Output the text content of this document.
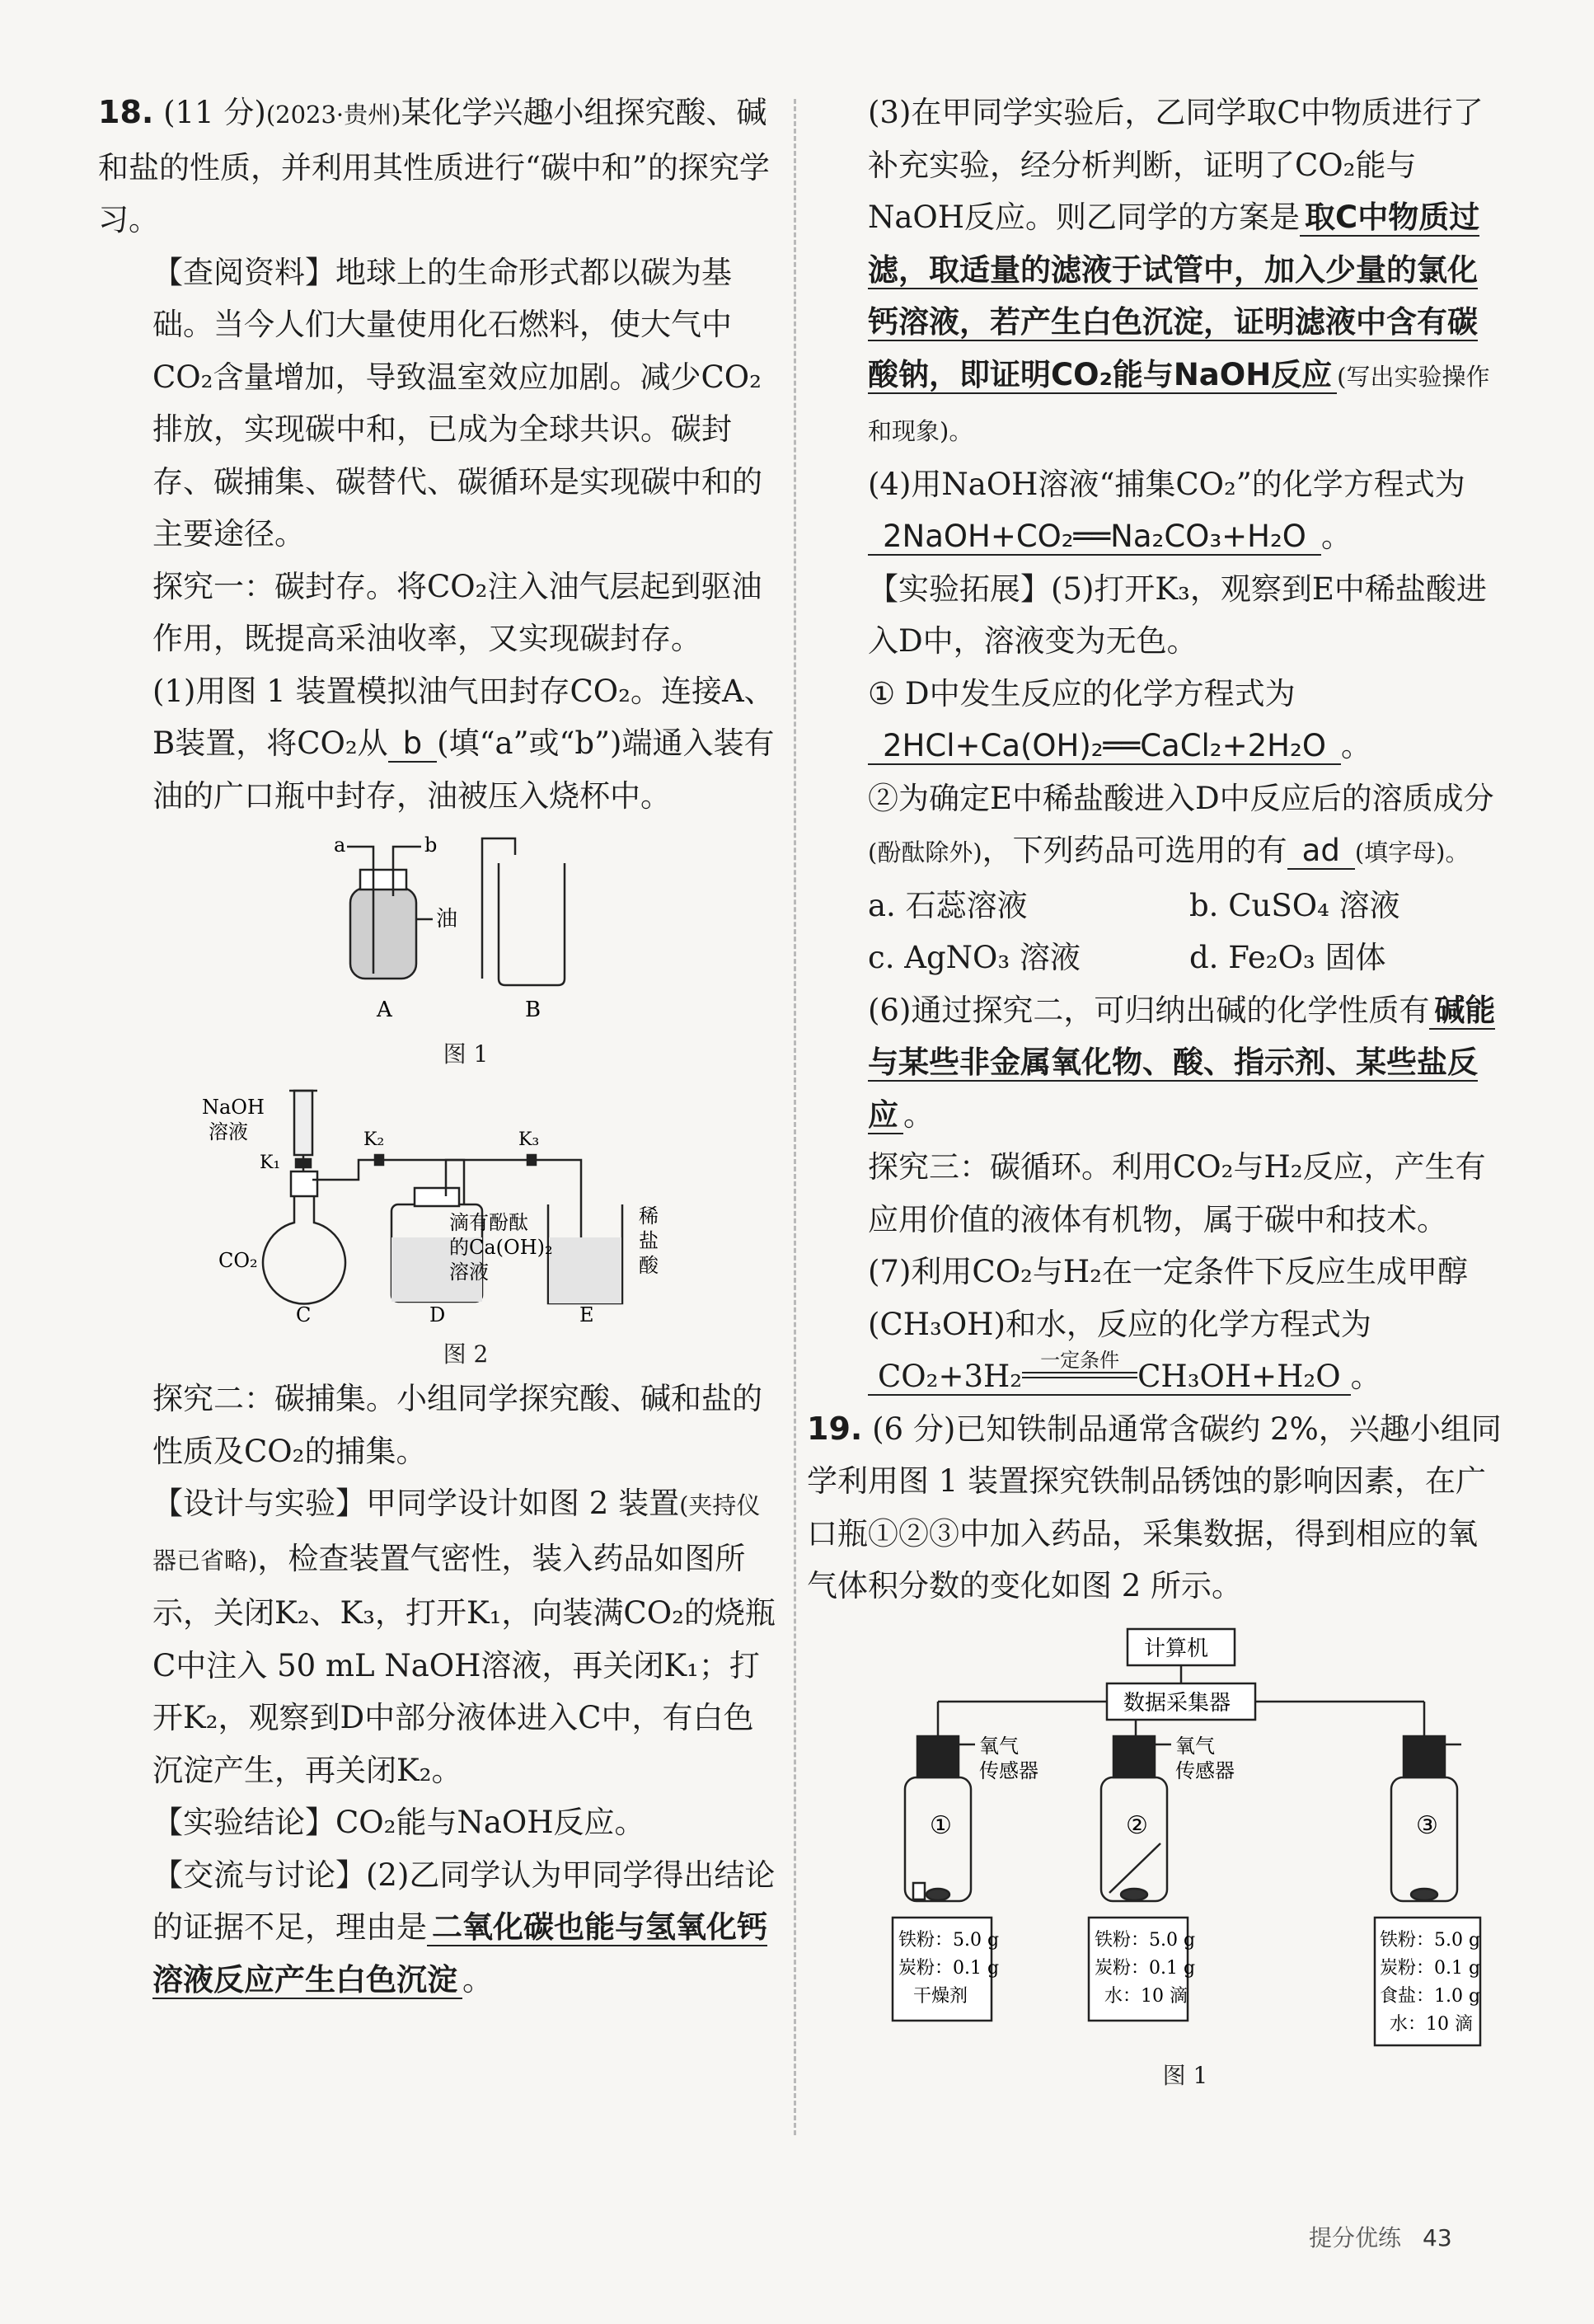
18. (11 分)(2023·贵州)某化学兴趣小组探究酸、碱和盐的性质，并利用其性质进行“碳中和”的探究学习。
【查阅资料】地球上的生命形式都以碳为基础。当今人们大量使用化石燃料，使大气中CO₂含量增加，导致温室效应加剧。减少CO₂排放，实现碳中和，已成为全球共识。碳封存、碳捕集、碳替代、碳循环是实现碳中和的主要途径。
探究一：碳封存。将CO₂注入油气层起到驱油作用，既提高采油收率，又实现碳封存。
(1)用图 1 装置模拟油气田封存CO₂。连接A、B装置，将CO₂从 b (填“a”或“b”)端通入装有油的广口瓶中封存，油被压入烧杯中。
a	b
油
A	B
图 1
NaOH
溶液
K₁
K₂	K₃
CO₂
滴有酚酞
的Ca(OH)₂
溶液
稀
盐
酸
C	D	E
图 2
探究二：碳捕集。小组同学探究酸、碱和盐的性质及CO₂的捕集。
【设计与实验】甲同学设计如图 2 装置(夹持仪器已省略)，检查装置气密性，装入药品如图所示，关闭K₂、K₃，打开K₁，向装满CO₂的烧瓶C中注入 50 mL NaOH溶液，再关闭K₁；打开K₂，观察到D中部分液体进入C中，有白色沉淀产生，再关闭K₂。
【实验结论】CO₂能与NaOH反应。
【交流与讨论】(2)乙同学认为甲同学得出结论的证据不足，理由是 二氧化碳也能与氢氧化钙溶液反应产生白色沉淀 。
(3)在甲同学实验后，乙同学取C中物质进行了补充实验，经分析判断，证明了CO₂能与NaOH反应。则乙同学的方案是 取C中物质过滤，取适量的滤液于试管中，加入少量的氯化钙溶液，若产生白色沉淀，证明滤液中含有碳酸钠，即证明CO₂能与NaOH反应 (写出实验操作和现象)。
(4)用NaOH溶液“捕集CO₂”的化学方程式为2NaOH+CO₂══Na₂CO₃+H₂O 。
【实验拓展】(5)打开K₃，观察到E中稀盐酸进入D中，溶液变为无色。
① D中发生反应的化学方程式为2HCl+Ca(OH)₂══CaCl₂+2H₂O 。
②为确定E中稀盐酸进入D中反应后的溶质成分(酚酞除外)，下列药品可选用的有 ad (填字母)。
a. 石蕊溶液	b. CuSO₄ 溶液
c. AgNO₃ 溶液	d. Fe₂O₃ 固体
(6)通过探究二，可归纳出碱的化学性质有 碱能与某些非金属氧化物、酸、指示剂、某些盐反应 。
探究三：碳循环。利用CO₂与H₂反应，产生有应用价值的液体有机物，属于碳中和技术。
(7)利用CO₂与H₂在一定条件下反应生成甲醇(CH₃OH)和水，反应的化学方程式为
CO₂+3H₂ 一定条件 CH₃OH+H₂O 。
19. (6 分)已知铁制品通常含碳约 2%，兴趣小组同学利用图 1 装置探究铁制品锈蚀的影响因素，在广口瓶①②③中加入药品，采集数据，得到相应的氧气体积分数的变化如图 2 所示。
计算机
数据采集器
氧气
传感器
氧气
传感器
①	②	③
铁粉：5.0 g
炭粉：0.1 g
干燥剂
铁粉：5.0 g
炭粉：0.1 g
水：10 滴
铁粉：5.0 g
炭粉：0.1 g
食盐：1.0 g
水：10 滴
图 1
提分优练 43
